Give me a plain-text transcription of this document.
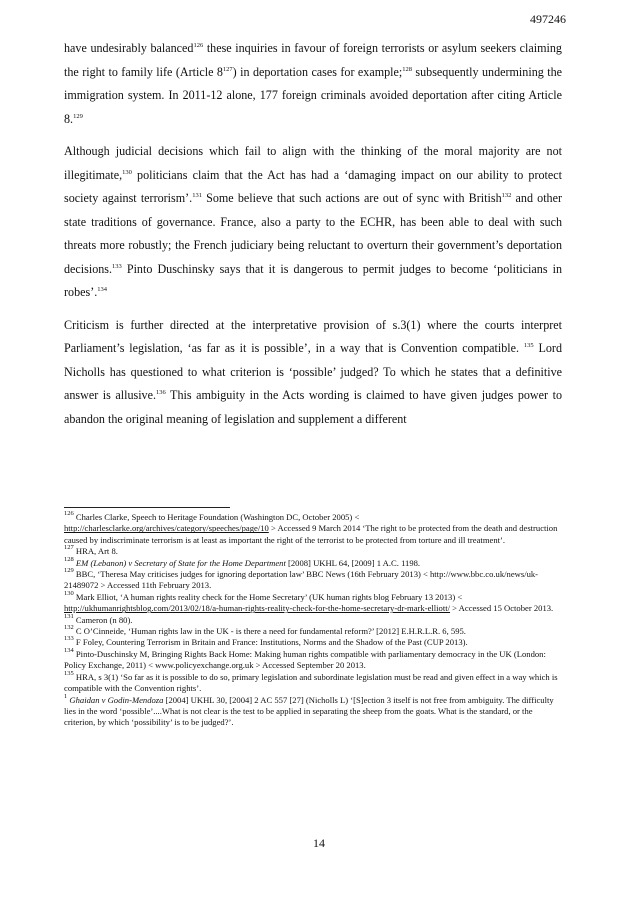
497246

have undesirably balanced$^{126}$ these inquiries in favour of foreign terrorists or asylum seekers claiming the right to family life (Article $8^{127}$) in deportation cases for example;$^{128}$ subsequently undermining the immigration system. In 2011-12 alone, 177 foreign criminals avoided deportation after citing Article 8.$^{129}$

Although judicial decisions which fail to align with the thinking of the moral majority are not illegitimate,$^{130}$ politicians claim that the Act has had a ‘damaging impact on our ability to protect society against terrorism’.$^{131}$ Some believe that such actions are out of sync with British$^{132}$ and other state traditions of governance. France, also a party to the ECHR, has been able to deal with such threats more robustly; the French judiciary being reluctant to overturn their government’s deportation decisions.$^{133}$ Pinto Duschinsky says that it is dangerous to permit judges to become ‘politicians in robes’.$^{134}$

Criticism is further directed at the interpretative provision of s.3(1) where the courts interpret Parliament’s legislation, ‘as far as it is possible’, in a way that is Convention compatible. $^{135}$ Lord Nicholls has questioned to what criterion is ‘possible’ judged? To which he states that a definitive answer is allusive.$^{136}$ This ambiguity in the Acts wording is claimed to have given judges power to abandon the original meaning of legislation and supplement a different

$^{126}$ Charles Clarke, Speech to Heritage Foundation (Washington DC, October 2005) < http://charlesclarke.org/archives/category/speeches/page/10 > Accessed 9 March 2014 ‘The right to be protected from the death and destruction caused by indiscriminate terrorism is at least as important the right of the terrorist to be protected from torture and ill treatment’.
$^{127}$ HRA, Art 8.
$^{128}$ EM (Lebanon) v Secretary of State for the Home Department [2008] UKHL 64, [2009] 1 A.C. 1198.
$^{129}$ BBC, ‘Theresa May criticises judges for ignoring deportation law’ BBC News (16th February 2013) < http://www.bbc.co.uk/news/uk-21489072 > Accessed 11th February 2013.
$^{130}$ Mark Elliot, ‘A human rights reality check for the Home Secretary’ (UK human rights blog February 13 2013) < http://ukhumanrightsblog.com/2013/02/18/a-human-rights-reality-check-for-the-home-secretary-dr-mark-elliott/ > Accessed 15 October 2013.
$^{131}$ Cameron (n 80).
$^{132}$ C O’Cinneide, ‘Human rights law in the UK - is there a need for fundamental reform?’ [2012] E.H.R.L.R. 6, 595.
$^{133}$ F Foley, Countering Terrorism in Britain and France: Institutions, Norms and the Shadow of the Past (CUP 2013).
$^{134}$ Pinto-Duschinsky M, Bringing Rights Back Home: Making human rights compatible with parliamentary democracy in the UK (London: Policy Exchange, 2011) < www.policyexchange.org.uk > Accessed September 20 2013.
$^{135}$ HRA, s 3(1) ‘So far as it is possible to do so, primary legislation and subordinate legislation must be read and given effect in a way which is compatible with the Convention rights’.
$^1$ Ghaidan v Godin-Mendoza [2004] UKHL 30, [2004] 2 AC 557 [27] (Nicholls L) ‘[S]ection 3 itself is not free from ambiguity. The difficulty lies in the word ‘possible’....What is not clear is the test to be applied in separating the sheep from the goats. What is the standard, or the criterion, by which ‘possibility’ is to be judged?’.
14
